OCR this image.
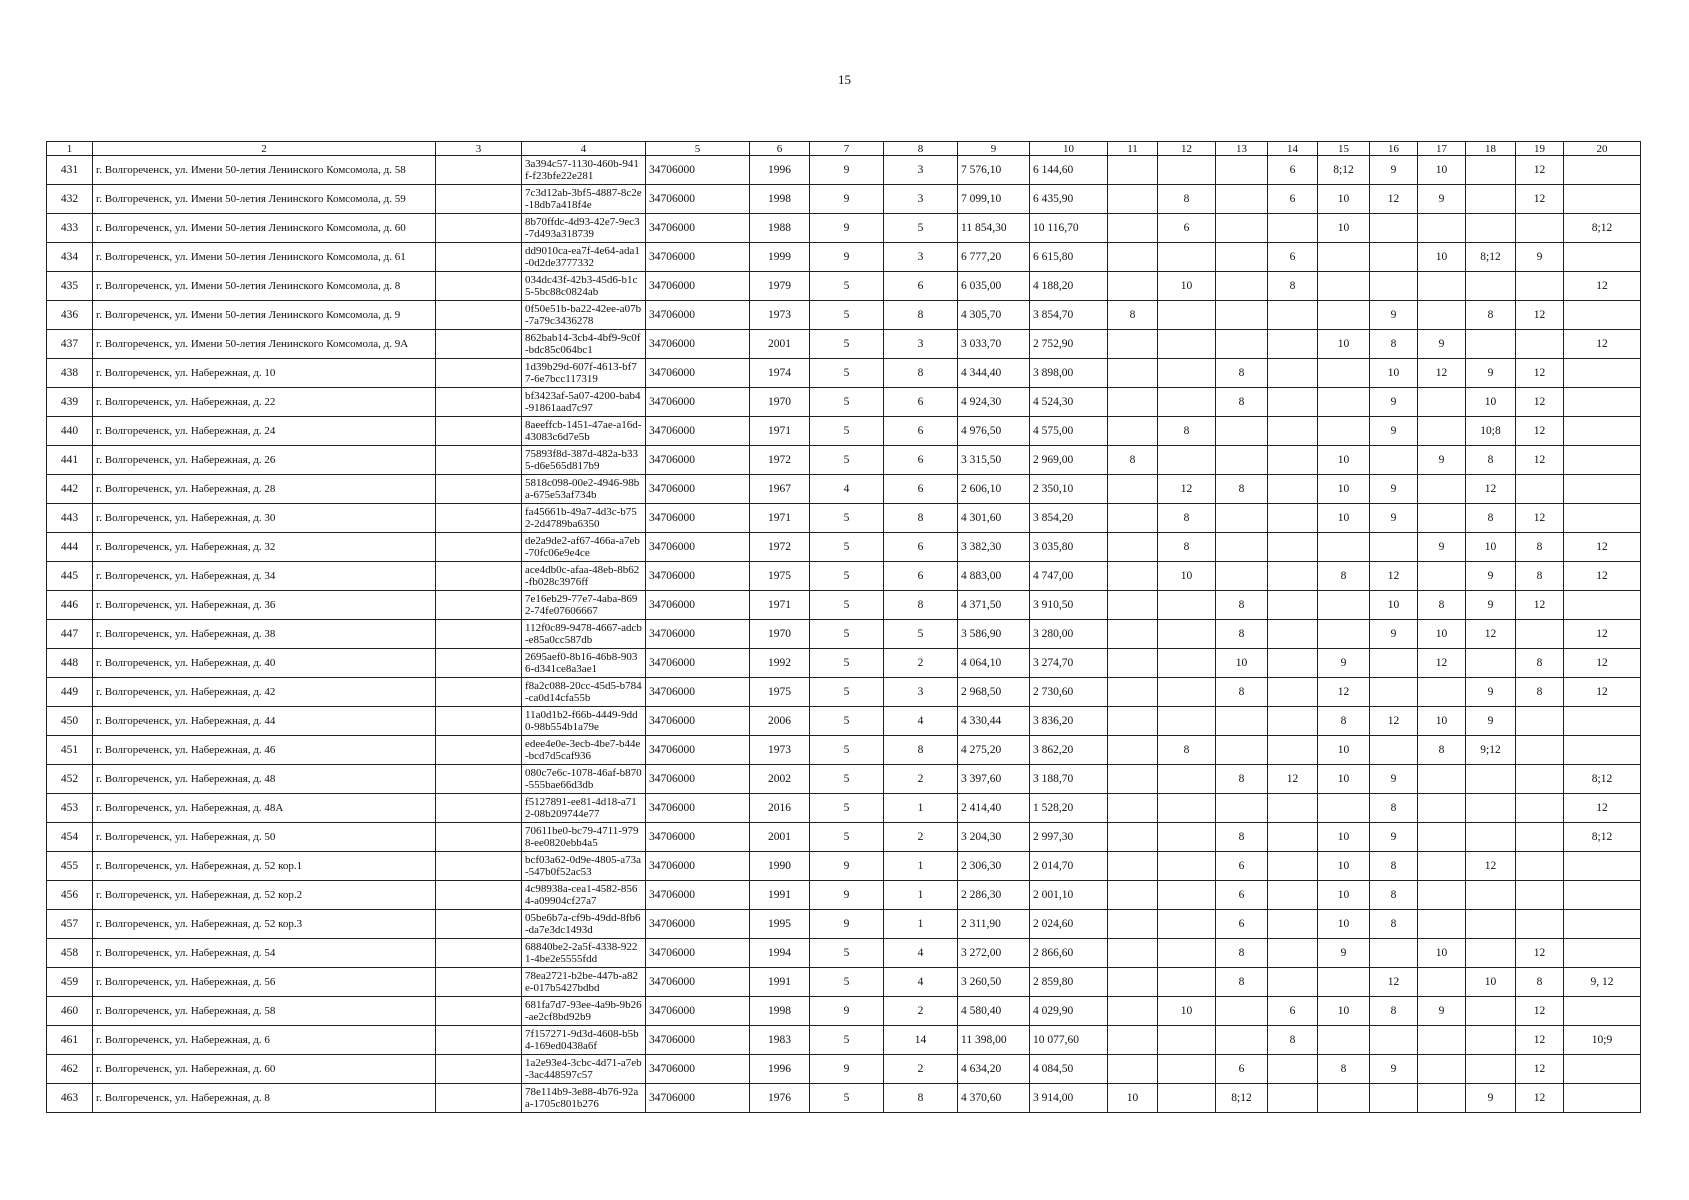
15
1	2	3	4	5	6	7	8	9	10	11	12	13	14	15	16	17	18	19	20
431	г. Волгореченск, ул. Имени 50-летия Ленинского Комсомола, д. 58		3a394c57-1130-460b-941f-f23bfe22e281	34706000	1996	9	3	7 576,10	6 144,60				6	8;12	9	10		12	
432	г. Волгореченск, ул. Имени 50-летия Ленинского Комсомола, д. 59		7c3d12ab-3bf5-4887-8c2e-18db7a418f4e	34706000	1998	9	3	7 099,10	6 435,90		8		6	10	12	9		12	
433	г. Волгореченск, ул. Имени 50-летия Ленинского Комсомола, д. 60		8b70ffdc-4d93-42e7-9ec3-7d493a318739	34706000	1988	9	5	11 854,30	10 116,70		6			10					8;12
434	г. Волгореченск, ул. Имени 50-летия Ленинского Комсомола, д. 61		dd9010ca-ea7f-4e64-ada1-0d2de3777332	34706000	1999	9	3	6 777,20	6 615,80				6			10	8;12	9	
435	г. Волгореченск, ул. Имени 50-летия Ленинского Комсомола, д. 8		034dc43f-42b3-45d6-b1c5-5bc88c0824ab	34706000	1979	5	6	6 035,00	4 188,20		10		8						12
436	г. Волгореченск, ул. Имени 50-летия Ленинского Комсомола, д. 9		0f50e51b-ba22-42ee-a07b-7a79c3436278	34706000	1973	5	8	4 305,70	3 854,70	8					9		8	12	
437	г. Волгореченск, ул. Имени 50-летия Ленинского Комсомола, д. 9А		862bab14-3cb4-4bf9-9c0f-bdc85c064bc1	34706000	2001	5	3	3 033,70	2 752,90					10	8	9			12
438	г. Волгореченск, ул. Набережная, д. 10		1d39b29d-607f-4613-bf77-6e7bcc117319	34706000	1974	5	8	4 344,40	3 898,00			8			10	12	9	12	
439	г. Волгореченск, ул. Набережная, д. 22		bf3423af-5a07-4200-bab4-91861aad7c97	34706000	1970	5	6	4 924,30	4 524,30			8			9		10	12	
440	г. Волгореченск, ул. Набережная, д. 24		8aeeffcb-1451-47ae-a16d-43083c6d7e5b	34706000	1971	5	6	4 976,50	4 575,00		8				9		10;8	12	
441	г. Волгореченск, ул. Набережная, д. 26		75893f8d-387d-482a-b335-d6e565d817b9	34706000	1972	5	6	3 315,50	2 969,00	8				10		9	8	12	
442	г. Волгореченск, ул. Набережная, д. 28		5818c098-00e2-4946-98ba-675e53af734b	34706000	1967	4	6	2 606,10	2 350,10		12	8		10	9		12		
443	г. Волгореченск, ул. Набережная, д. 30		fa45661b-49a7-4d3c-b752-2d4789ba6350	34706000	1971	5	8	4 301,60	3 854,20		8			10	9		8	12	
444	г. Волгореченск, ул. Набережная, д. 32		de2a9de2-af67-466a-a7eb-70fc06e9e4ce	34706000	1972	5	6	3 382,30	3 035,80		8					9	10	8	12
445	г. Волгореченск, ул. Набережная, д. 34		ace4db0c-afaa-48eb-8b62-fb028c3976ff	34706000	1975	5	6	4 883,00	4 747,00		10			8	12		9	8	12
446	г. Волгореченск, ул. Набережная, д. 36		7e16eb29-77e7-4aba-8692-74fe07606667	34706000	1971	5	8	4 371,50	3 910,50			8			10	8	9	12	
447	г. Волгореченск, ул. Набережная, д. 38		112f0c89-9478-4667-adcb-e85a0cc587db	34706000	1970	5	5	3 586,90	3 280,00			8			9	10	12		12
448	г. Волгореченск, ул. Набережная, д. 40		2695aef0-8b16-46b8-9036-d341ce8a3ae1	34706000	1992	5	2	4 064,10	3 274,70			10		9		12		8	12
449	г. Волгореченск, ул. Набережная, д. 42		f8a2c088-20cc-45d5-b784-ca0d14cfa55b	34706000	1975	5	3	2 968,50	2 730,60			8		12			9	8	12
450	г. Волгореченск, ул. Набережная, д. 44		11a0d1b2-f66b-4449-9dd0-98b554b1a79e	34706000	2006	5	4	4 330,44	3 836,20					8	12	10	9		
451	г. Волгореченск, ул. Набережная, д. 46		edee4e0e-3ecb-4be7-b44e-bcd7d5caf936	34706000	1973	5	8	4 275,20	3 862,20		8			10		8	9;12		
452	г. Волгореченск, ул. Набережная, д. 48		080c7e6c-1078-46af-b870-555bae66d3db	34706000	2002	5	2	3 397,60	3 188,70			8	12	10	9				8;12
453	г. Волгореченск, ул. Набережная, д. 48А		f5127891-ee81-4d18-a712-08b209744e77	34706000	2016	5	1	2 414,40	1 528,20						8				12
454	г. Волгореченск, ул. Набережная, д. 50		70611be0-bc79-4711-9798-ee0820ebb4a5	34706000	2001	5	2	3 204,30	2 997,30			8		10	9				8;12
455	г. Волгореченск, ул. Набережная, д. 52 кор.1		bcf03a62-0d9e-4805-a73a-547b0f52ac53	34706000	1990	9	1	2 306,30	2 014,70			6		10	8		12		
456	г. Волгореченск, ул. Набережная, д. 52 кор.2		4c98938a-cea1-4582-8564-a09904cf27a7	34706000	1991	9	1	2 286,30	2 001,10			6		10	8				
457	г. Волгореченск, ул. Набережная, д. 52 кор.3		05be6b7a-cf9b-49dd-8fb6-da7e3dc1493d	34706000	1995	9	1	2 311,90	2 024,60			6		10	8				
458	г. Волгореченск, ул. Набережная, д. 54		68840be2-2a5f-4338-9221-4be2e5555fdd	34706000	1994	5	4	3 272,00	2 866,60			8		9		10		12	
459	г. Волгореченск, ул. Набережная, д. 56		78ea2721-b2be-447b-a82e-017b5427bdbd	34706000	1991	5	4	3 260,50	2 859,80			8			12		10	8	9, 12
460	г. Волгореченск, ул. Набережная, д. 58		681fa7d7-93ee-4a9b-9b26-ae2cf8bd92b9	34706000	1998	9	2	4 580,40	4 029,90		10		6	10	8	9		12	
461	г. Волгореченск, ул. Набережная, д. 6		7f157271-9d3d-4608-b5b4-169ed0438a6f	34706000	1983	5	14	11 398,00	10 077,60				8					12	10;9
462	г. Волгореченск, ул. Набережная, д. 60		1a2e93e4-3cbc-4d71-a7eb-3ac448597c57	34706000	1996	9	2	4 634,20	4 084,50			6		8	9			12	
463	г. Волгореченск, ул. Набережная, д. 8		78e114b9-3e88-4b76-92aa-1705c801b276	34706000	1976	5	8	4 370,60	3 914,00	10		8;12					9	12	
